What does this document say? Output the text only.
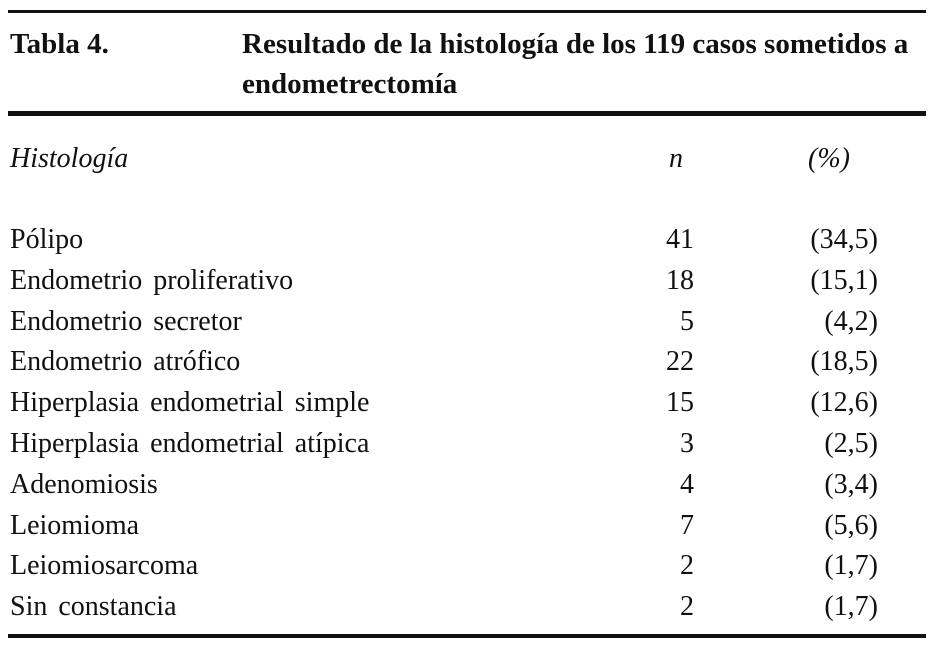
Tabla 4.	Resultado de la histología de los 119 casos sometidos a endometrectomía
Histología	n	(%)
Pólipo	41	(34,5)
Endometrio proliferativo	18	(15,1)
Endometrio secretor	5	(4,2)
Endometrio atrófico	22	(18,5)
Hiperplasia endometrial simple	15	(12,6)
Hiperplasia endometrial atípica	3	(2,5)
Adenomiosis	4	(3,4)
Leiomioma	7	(5,6)
Leiomiosarcoma	2	(1,7)
Sin constancia	2	(1,7)
